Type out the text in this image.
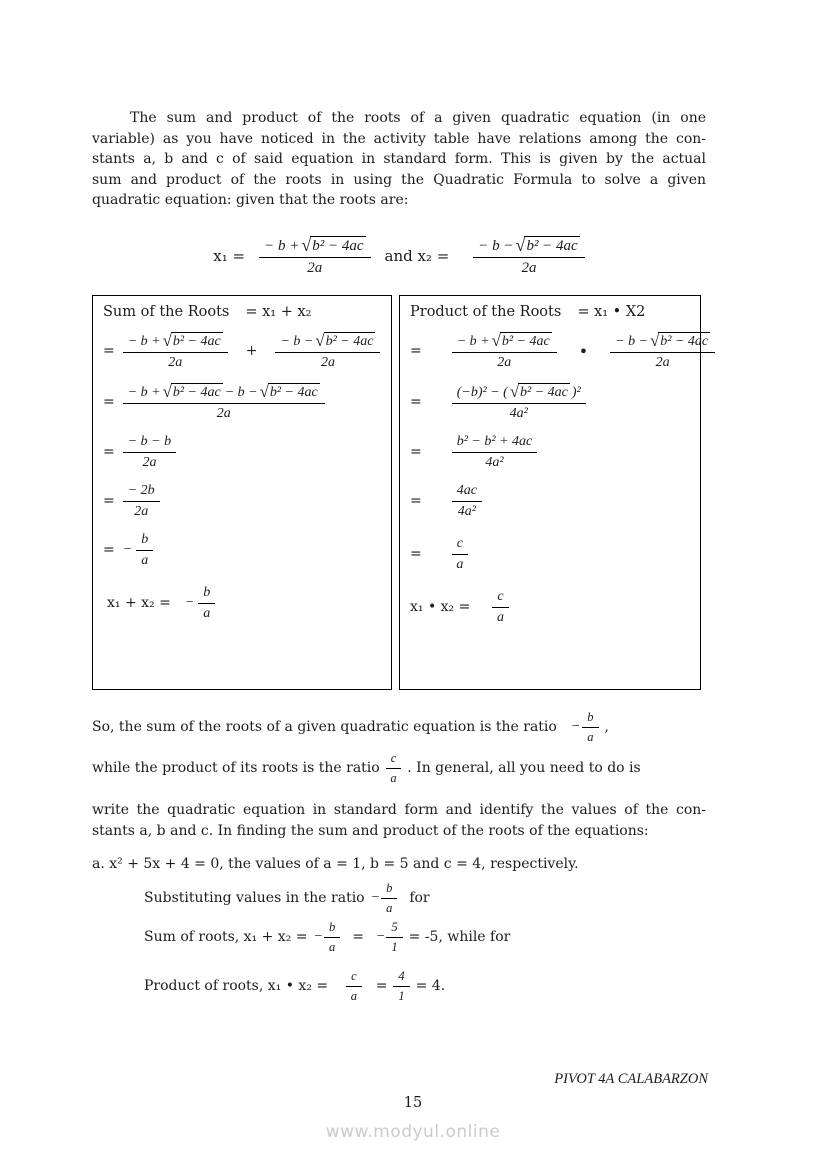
The sum and product of the roots of a given quadratic equation (in one
variable) as you have noticed in the activity table have relations among the con-
stants a, b and c of said equation in standard form. This is given by the actual
sum and product of the roots in using the Quadratic Formula to solve a given
quadratic equation: given that the roots are:
$x_1 = \frac{\text{− b + √ b² − 4ac}}{2a}$ and $x_2 = \frac{\text{− b − √ b² − 4ac}}{2a}$
Sum of the Roots = x₁ + x₂
= $\frac{\text{− b + √ b² − 4ac}}{2a} + \frac{\text{− b − √ b² − 4ac}}{2a}$
=
− b + √ b² − 4ac − b − √ b² − 4ac
2a
= $\frac{- b - b}{2a}$
= $\frac{- 2b}{2a}$
= − $\frac{b}{a}$
x₁ + x₂ = − $\frac{b}{a}$
Product of the Roots = x₁ • X2
= $\frac{\text{− b + √ b² − 4ac}}{2a}$ • $\frac{\text{− b − √ b² − 4ac}}{2a}$
= $\frac{\text{(−b)² − ( √ b² − 4ac )²}}{\text{4a²}}$
= $\frac{\text{b² − b² + 4ac}}{\text{4a²}}$
= $\frac{4ac}{\text{4a²}}$
= $\frac{c}{a}$
x₁ • $x_2 = \frac{c}{a}$
So, the sum of the roots of a given quadratic equation is the ratio − $\frac{b}{a}$ ,
while the product of its roots is the ratio $\frac{c}{a}$ . In general, all you need to do is
write the quadratic equation in standard form and identify the values of the con-
stants a, b and c. In finding the sum and product of the roots of the equations:
a. x² + 5x + 4 = 0, the values of a = 1, b = 5 and c = 4, respectively.
Substituting values in the ratio − $\frac{b}{a}$ for
Sum of roots, x₁ + x₂ = − $\frac{b}{a}$ = − $\frac{5}{1} = -5$, while for
Product of roots, x₁ • $x_2 = \frac{c}{a} = \frac{4}{1} = 4$.
PIVOT 4A CALABARZON
15
www.modyul.online
